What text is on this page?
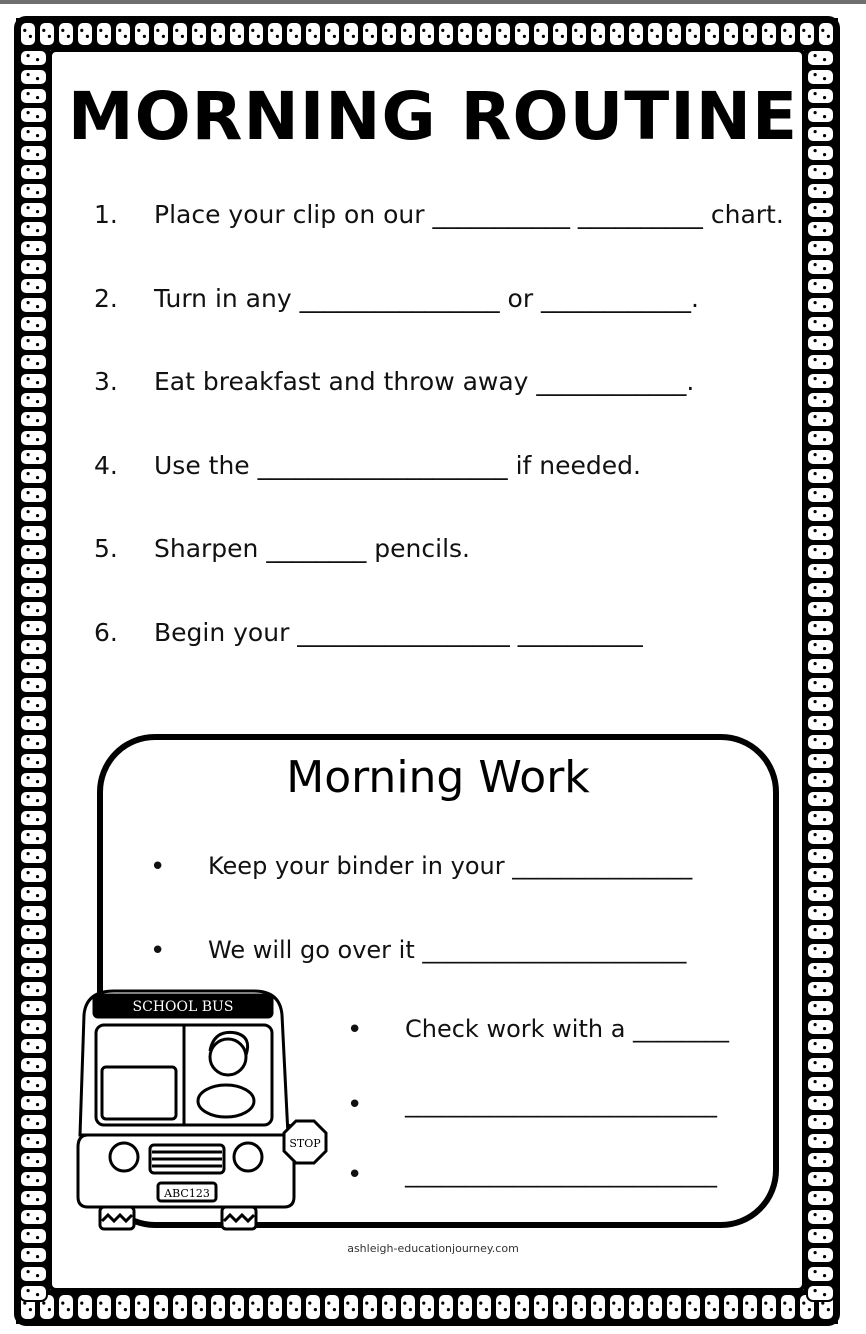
MORNING ROUTINE
1. Place your clip on our ___________ __________ chart.
2. Turn in any ________________ or ____________.
3. Eat breakfast and throw away ____________.
4. Use the ____________________ if needed.
5. Sharpen ________ pencils.
6. Begin your _________________ __________
Morning Work
• Keep your binder in your _______________
• We will go over it ______________________
• Check work with a ________
• __________________________
• __________________________
SCHOOL BUS
STOP
ABC123
ashleigh-educationjourney.com
